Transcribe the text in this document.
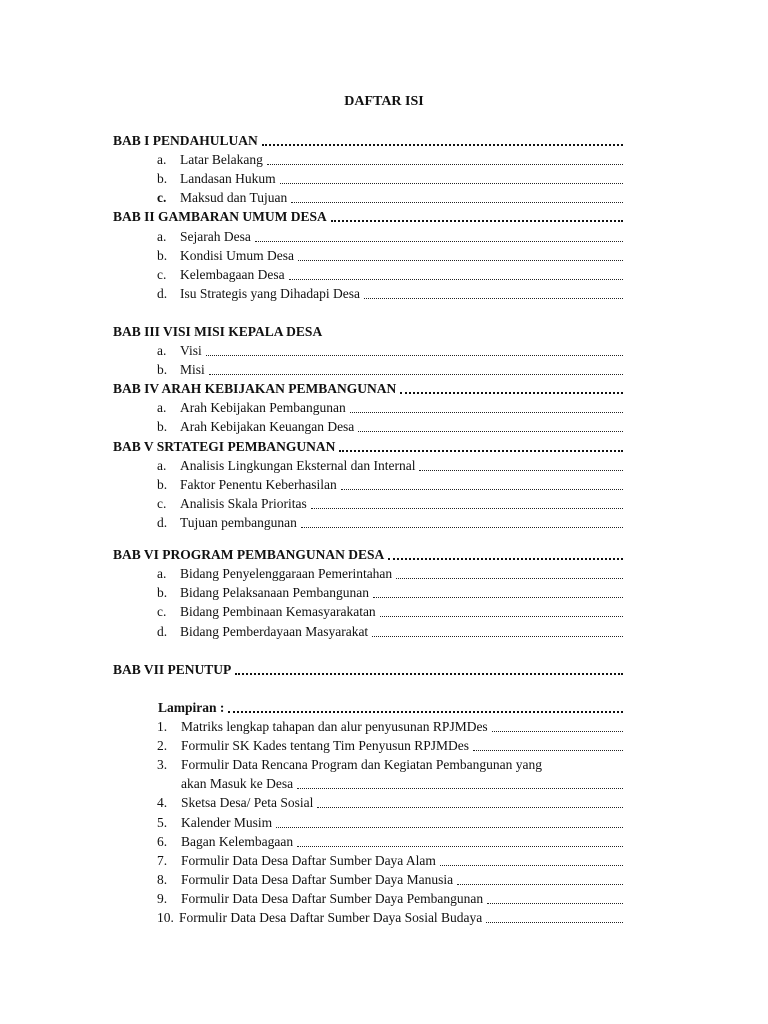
DAFTAR ISI
BAB I PENDAHULUAN
a.	Latar Belakang
b. Landasan Hukum
c.	Maksud dan Tujuan
BAB II GAMBARAN UMUM DESA
a.	Sejarah Desa
b. Kondisi Umum Desa
c.	Kelembagaan Desa
d. Isu Strategis yang Dihadapi Desa
BAB III VISI MISI KEPALA DESA
a.	Visi
b. Misi
BAB IV ARAH KEBIJAKAN PEMBANGUNAN
a.	Arah Kebijakan Pembangunan
b. Arah Kebijakan Keuangan Desa
BAB V SRTATEGI PEMBANGUNAN
a.	Analisis Lingkungan Eksternal dan Internal
b. Faktor Penentu Keberhasilan
c.	Analisis Skala Prioritas
d. Tujuan pembangunan
BAB VI PROGRAM PEMBANGUNAN DESA
a.	Bidang Penyelenggaraan Pemerintahan
b. Bidang Pelaksanaan Pembangunan
c.	Bidang Pembinaan Kemasyarakatan
d. Bidang Pemberdayaan Masyarakat
BAB VII PENUTUP
Lampiran :
1.	Matriks lengkap tahapan dan alur penyusunan RPJMDes
2.	Formulir SK Kades tentang Tim Penyusun RPJMDes
3.	Formulir Data Rencana Program dan Kegiatan Pembangunan yang
akan Masuk ke Desa
4.	Sketsa Desa/ Peta Sosial
5.	Kalender Musim
6.	Bagan Kelembagaan
7.	Formulir Data Desa Daftar Sumber Daya Alam
8.	Formulir Data Desa Daftar Sumber Daya Manusia
9.	Formulir Data Desa Daftar Sumber Daya Pembangunan
10. Formulir Data Desa Daftar Sumber Daya Sosial Budaya
